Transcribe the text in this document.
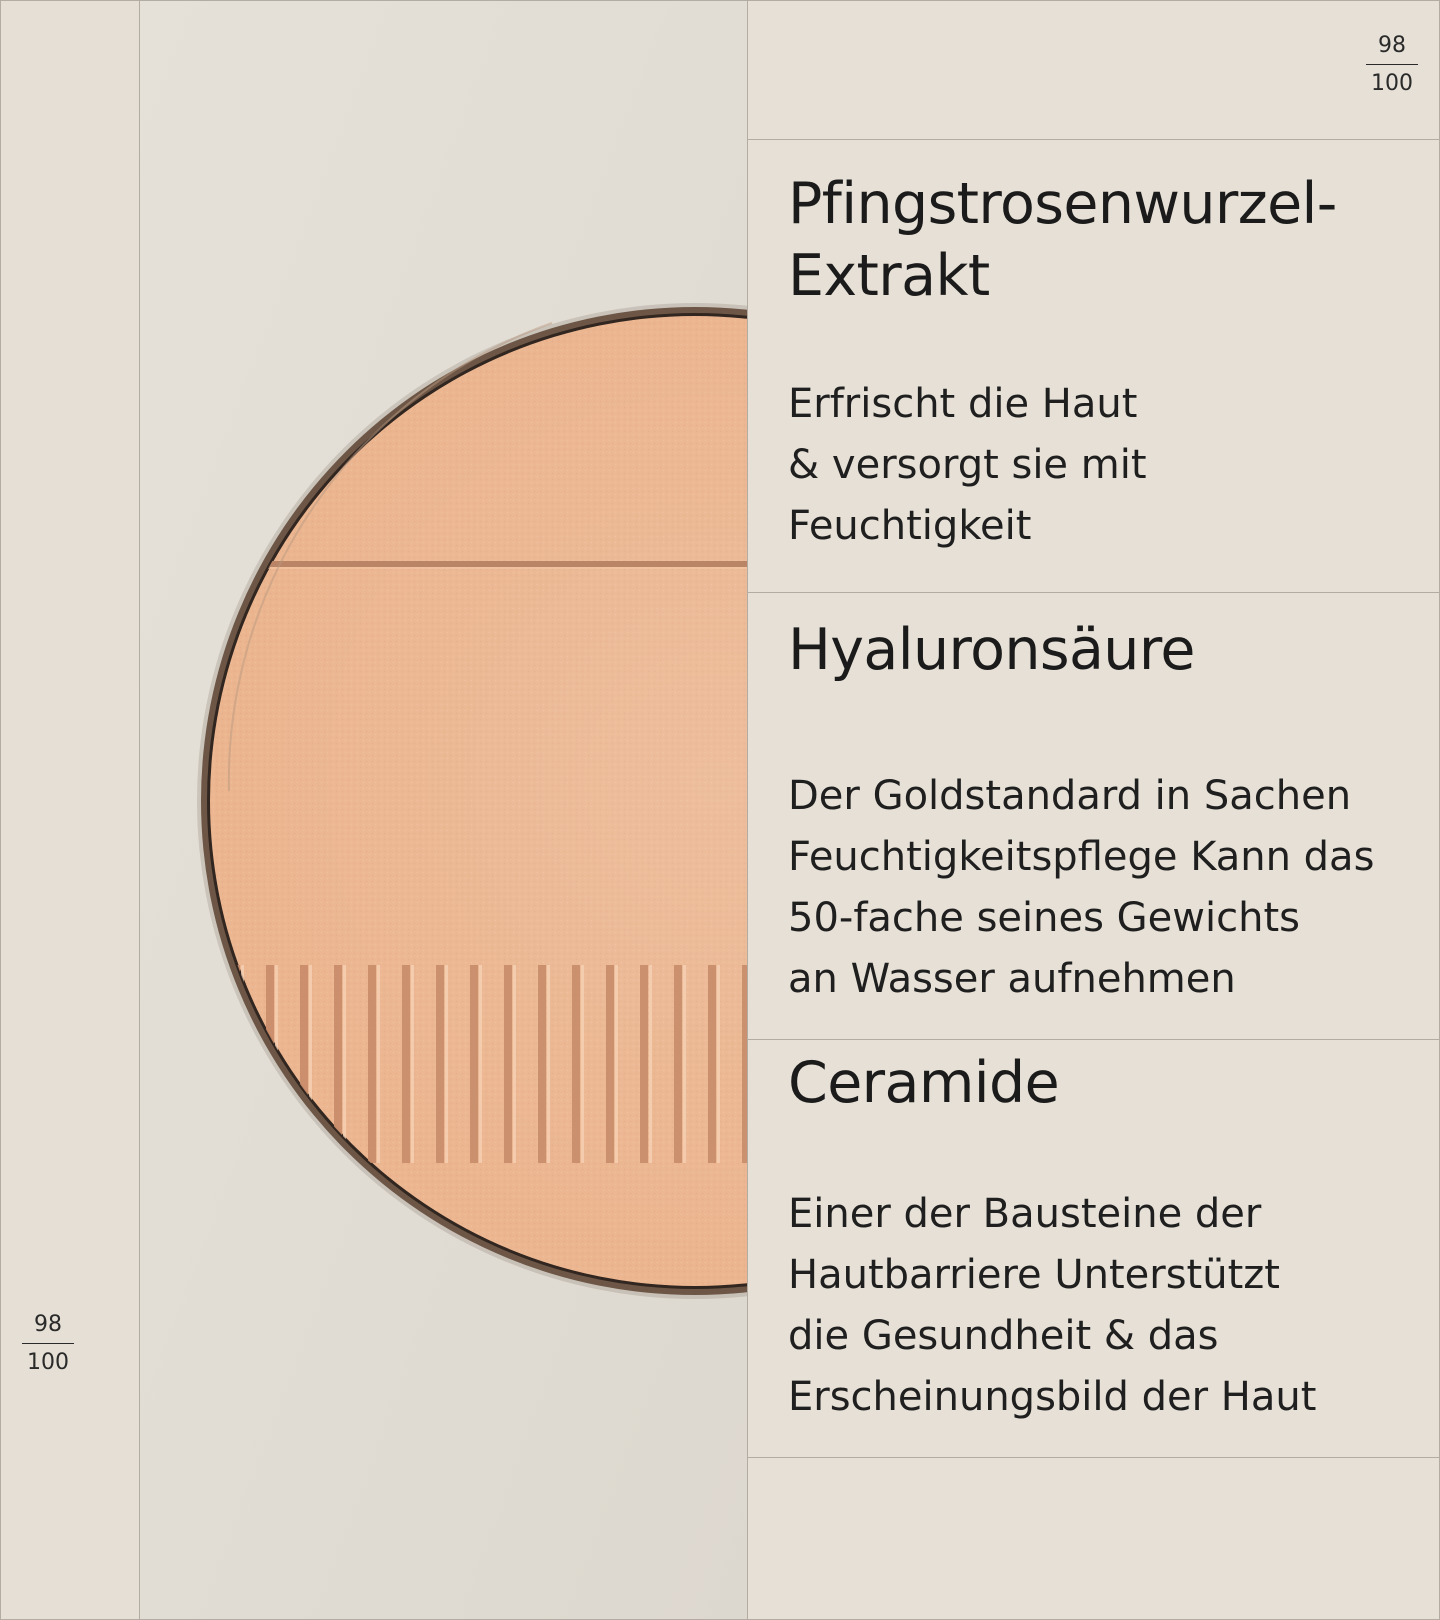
98
100
98
100
Pfingstrosenwurzel-
Extrakt

Erfrischt die Haut
& versorgt sie mit
Feuchtigkeit

Hyaluronsäure

Der Goldstandard in Sachen
Feuchtigkeitspflege Kann das
50-fache seines Gewichts
an Wasser aufnehmen

Ceramide

Einer der Bausteine der
Hautbarriere Unterstützt
die Gesundheit & das
Erscheinungsbild der Haut
